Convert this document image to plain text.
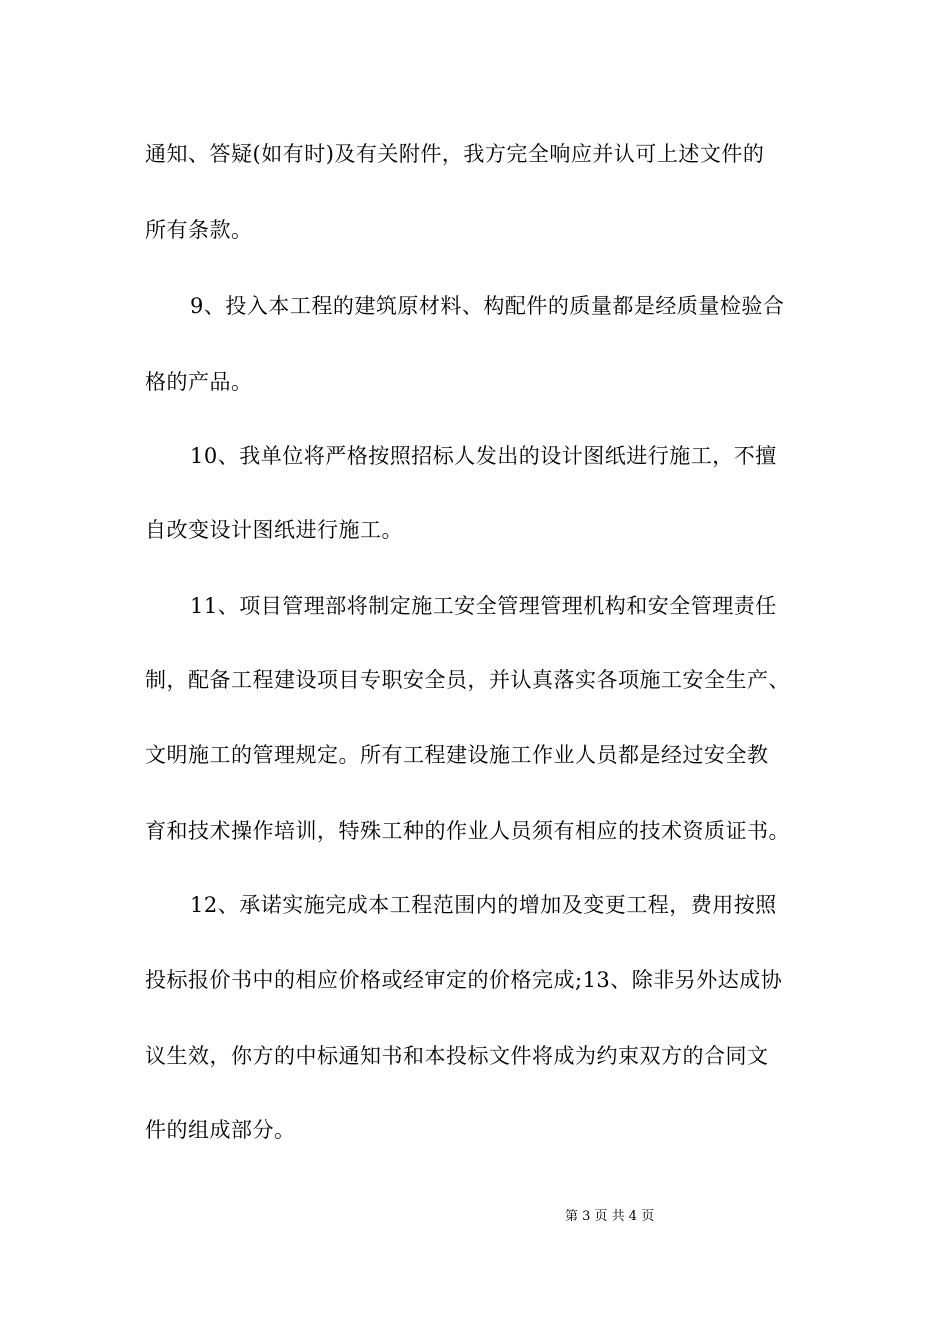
通知、答疑(如有时)及有关附件，我方完全响应并认可上述文件的
所有条款。
9、投入本工程的建筑原材料、构配件的质量都是经质量检验合
格的产品。
10、我单位将严格按照招标人发出的设计图纸进行施工，不擅
自改变设计图纸进行施工。
11、项目管理部将制定施工安全管理管理机构和安全管理责任
制，配备工程建设项目专职安全员，并认真落实各项施工安全生产、
文明施工的管理规定。所有工程建设施工作业人员都是经过安全教
育和技术操作培训，特殊工种的作业人员须有相应的技术资质证书。
12、承诺实施完成本工程范围内的增加及变更工程，费用按照
投标报价书中的相应价格或经审定的价格完成;13、除非另外达成协
议生效，你方的中标通知书和本投标文件将成为约束双方的合同文
件的组成部分。
第 3 页 共 4 页
